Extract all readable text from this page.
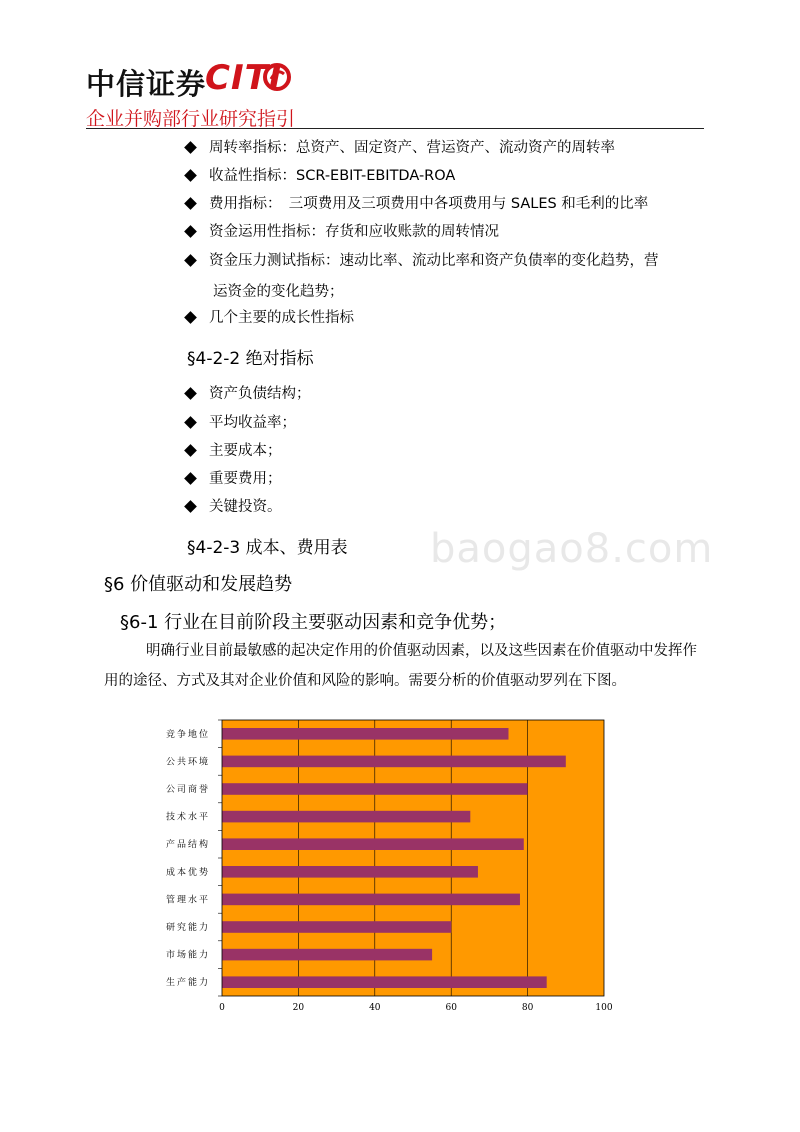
中信证券
CITI
企业并购部行业研究指引
周转率指标：总资产、固定资产、营运资产、流动资产的周转率
收益性指标：SCR-EBIT-EBITDA-ROA
费用指标：　三项费用及三项费用中各项费用与 SALES 和毛利的比率
资金运用性指标：存货和应收账款的周转情况
资金压力测试指标：速动比率、流动比率和资产负债率的变化趋势，营
运资金的变化趋势；
几个主要的成长性指标
§4-2-2 绝对指标
资产负债结构；
平均收益率；
主要成本；
重要费用；
关键投资。
baogao8.com
§4-2-3 成本、费用表
§6 价值驱动和发展趋势
§6-1 行业在目前阶段主要驱动因素和竞争优势；
明确行业目前最敏感的起决定作用的价值驱动因素，以及这些因素在价值驱动中发挥作用的途径、方式及其对企业价值和风险的影响。需要分析的价值驱动罗列在下图。
0	20	40	60	80	100
竞争地位
公共环境
公司商誉
技术水平
产品结构
成本优势
管理水平
研究能力
市场能力
生产能力
